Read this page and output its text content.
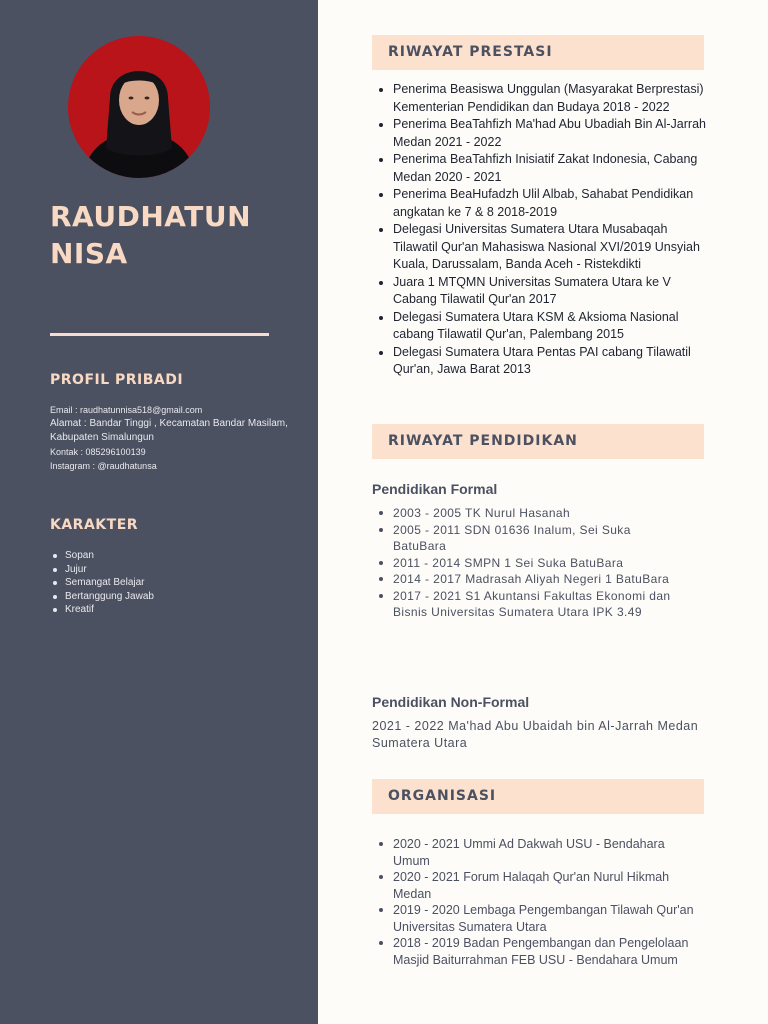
RAUDHATUN
NISA
PROFIL PRIBADI
Email : raudhatunnisa518@gmail.com
Alamat : Bandar Tinggi , Kecamatan Bandar Masilam, Kabupaten Simalungun
Kontak : 085296100139
Instagram : @raudhatunsa
KARAKTER
Sopan
Jujur
Semangat Belajar
Bertanggung Jawab
Kreatif
RIWAYAT PRESTASI
Penerima Beasiswa Unggulan (Masyarakat Berprestasi) Kementerian Pendidikan dan Budaya 2018 - 2022
Penerima BeaTahfizh Ma'had Abu Ubadiah Bin Al-Jarrah Medan 2021 - 2022
Penerima BeaTahfizh Inisiatif Zakat Indonesia, Cabang Medan 2020 - 2021
Penerima BeaHufadzh Ulil Albab, Sahabat Pendidikan angkatan ke 7 & 8 2018-2019
Delegasi Universitas Sumatera Utara Musabaqah Tilawatil Qur'an Mahasiswa Nasional XVI/2019 Unsyiah Kuala, Darussalam, Banda Aceh - Ristekdikti
Juara 1 MTQMN Universitas Sumatera Utara ke V Cabang Tilawatil Qur'an 2017
Delegasi Sumatera Utara KSM & Aksioma Nasional cabang Tilawatil Qur'an, Palembang 2015
Delegasi Sumatera Utara Pentas PAI cabang Tilawatil Qur'an, Jawa Barat 2013
RIWAYAT PENDIDIKAN
Pendidikan Formal
2003 - 2005 TK Nurul Hasanah
2005 - 2011 SDN 01636 Inalum, Sei Suka BatuBara
2011 - 2014 SMPN 1 Sei Suka BatuBara
2014 - 2017 Madrasah Aliyah Negeri 1 BatuBara
2017 - 2021 S1 Akuntansi Fakultas Ekonomi dan Bisnis Universitas Sumatera Utara IPK 3.49
Pendidikan Non-Formal
2021 - 2022 Ma'had Abu Ubaidah bin Al-Jarrah Medan Sumatera Utara
ORGANISASI
2020 - 2021 Ummi Ad Dakwah USU - Bendahara Umum
2020 - 2021 Forum Halaqah Qur'an Nurul Hikmah Medan
2019 - 2020 Lembaga Pengembangan Tilawah Qur'an Universitas Sumatera Utara
2018 - 2019 Badan Pengembangan dan Pengelolaan Masjid Baiturrahman FEB USU - Bendahara Umum
